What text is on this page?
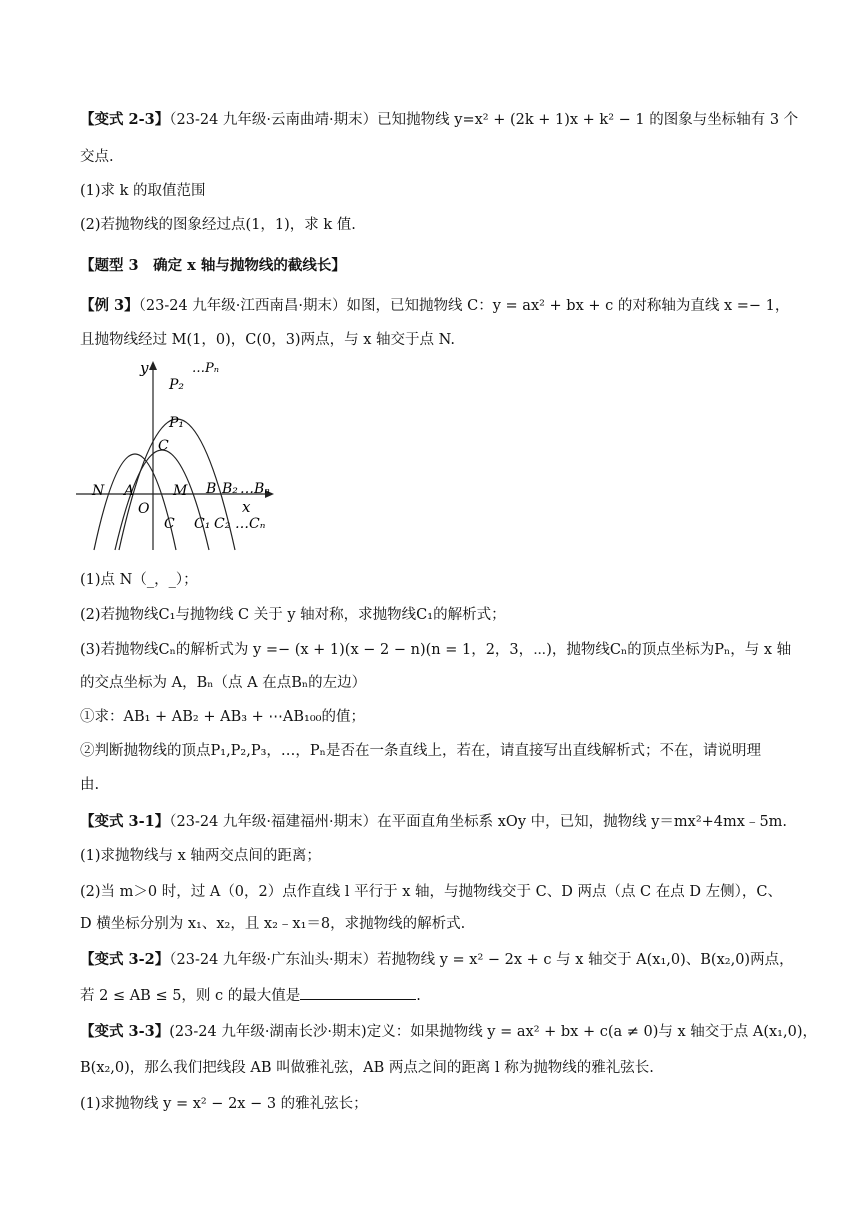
【变式 2-3】（23-24 九年级·云南曲靖·期末）已知抛物线 y=x² + (2k + 1)x + k² − 1 的图象与坐标轴有 3 个
交点.
(1)求 k 的取值范围
(2)若抛物线的图象经过点(1，1)，求 k 值.
【题型 3　确定 x 轴与抛物线的截线长】
【例 3】（23-24 九年级·江西南昌·期末）如图，已知抛物线 C：y = ax² + bx + c 的对称轴为直线 x =− 1，
且抛物线经过 M(1，0)，C(0，3)两点，与 x 轴交于点 N.
y	…Pₙ
P₂
P₁
C
N A	M B B₂ …Bₙ
O	x
C C₁ C₂ …Cₙ
(1)点 N（_，_）；
(2)若抛物线C₁与抛物线 C 关于 y 轴对称，求抛物线C₁的解析式；
(3)若抛物线Cₙ的解析式为 y =− (x + 1)(x − 2 − n)(n = 1，2，3，⋯)，抛物线Cₙ的顶点坐标为Pₙ，与 x 轴
的交点坐标为 A，Bₙ（点 A 在点Bₙ的左边）
①求：AB₁ + AB₂ + AB₃ + ⋯AB₁₀₀的值；
②判断抛物线的顶点P₁,P₂,P₃，…，Pₙ是否在一条直线上，若在，请直接写出直线解析式；不在，请说明理
由.
【变式 3-1】（23-24 九年级·福建福州·期末）在平面直角坐标系 xOy 中，已知，抛物线 y＝mx²+4mx﹣5m.
(1)求抛物线与 x 轴两交点间的距离；
(2)当 m＞0 时，过 A（0，2）点作直线 l 平行于 x 轴，与抛物线交于 C、D 两点（点 C 在点 D 左侧），C、
D 横坐标分别为 x₁、x₂，且 x₂﹣x₁＝8，求抛物线的解析式.
【变式 3-2】（23-24 九年级·广东汕头·期末）若抛物线 y = x² − 2x + c 与 x 轴交于 A(x₁,0)、B(x₂,0)两点，
若 2 ≤ AB ≤ 5，则 c 的最大值是	.
【变式 3-3】(23-24 九年级·湖南长沙·期末)定义：如果抛物线 y = ax² + bx + c(a ≠ 0)与 x 轴交于点 A(x₁,0)，
B(x₂,0)，那么我们把线段 AB 叫做雅礼弦，AB 两点之间的距离 l 称为抛物线的雅礼弦长.
(1)求抛物线 y = x² − 2x − 3 的雅礼弦长；
